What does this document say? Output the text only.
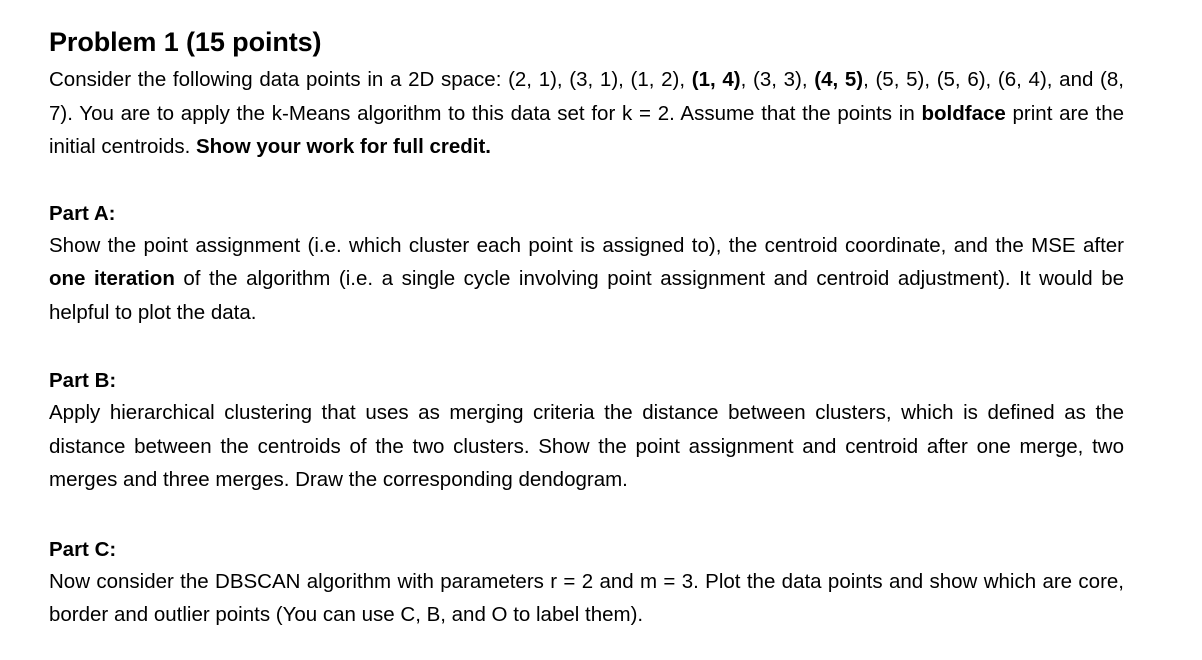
Problem 1 (15 points)

Consider the following data points in a 2D space: (2, 1), (3, 1), (1, 2), (1, 4), (3, 3), (4, 5), (5, 5), (5, 6), (6, 4), and (8, 7). You are to apply the k-Means algorithm to this data set for k = 2. Assume that the points in boldface print are the initial centroids. Show your work for full credit.

Part A:

Show the point assignment (i.e. which cluster each point is assigned to), the centroid coordinate, and the MSE after one iteration of the algorithm (i.e. a single cycle involving point assignment and centroid adjustment). It would be helpful to plot the data.

Part B:

Apply hierarchical clustering that uses as merging criteria the distance between clusters, which is defined as the distance between the centroids of the two clusters. Show the point assignment and centroid after one merge, two merges and three merges. Draw the corresponding dendogram.

Part C:

Now consider the DBSCAN algorithm with parameters r = 2 and m = 3. Plot the data points and show which are core, border and outlier points (You can use C, B, and O to label them).
